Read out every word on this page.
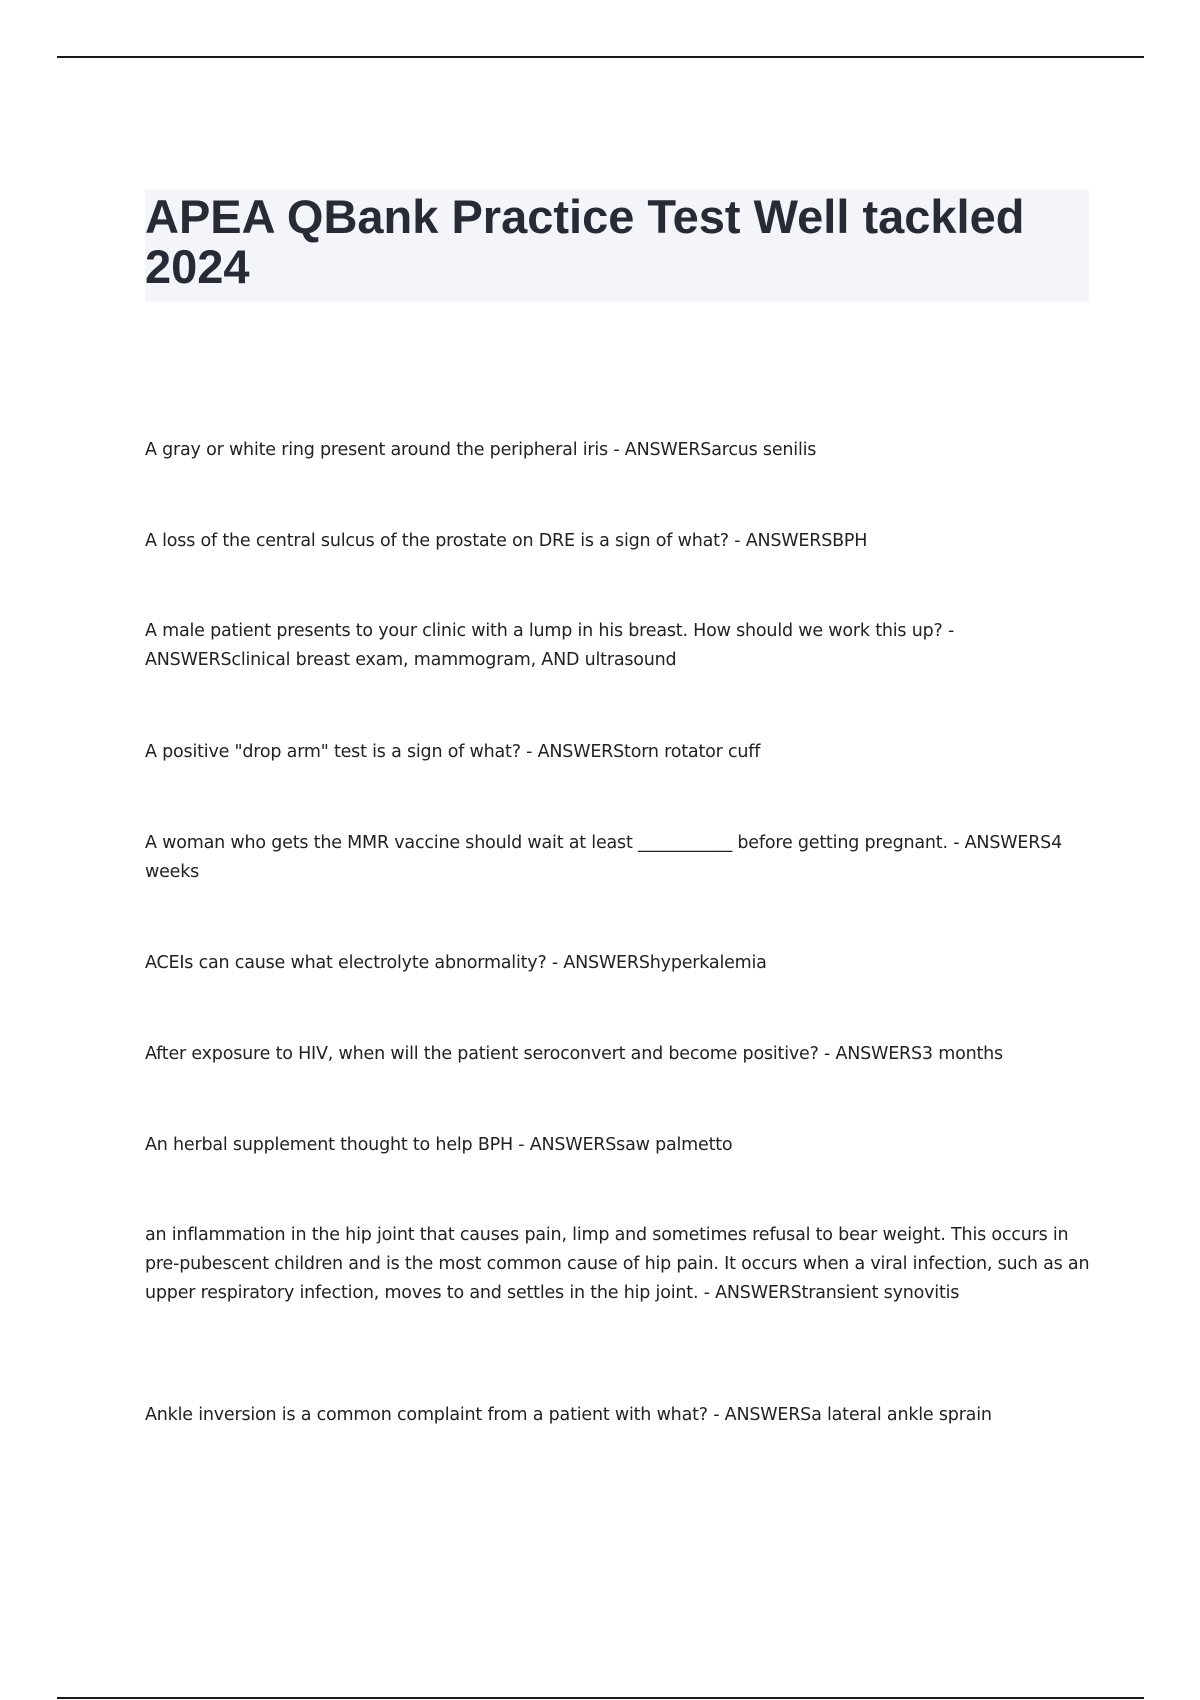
APEA QBank Practice Test Well tackled 2024

A gray or white ring present around the peripheral iris - ANSWERSarcus senilis

A loss of the central sulcus of the prostate on DRE is a sign of what? - ANSWERSBPH

A male patient presents to your clinic with a lump in his breast. How should we work this up? - ANSWERSclinical breast exam, mammogram, AND ultrasound

A positive "drop arm" test is a sign of what? - ANSWERStorn rotator cuff

A woman who gets the MMR vaccine should wait at least ___________ before getting pregnant. - ANSWERS4 weeks

ACEIs can cause what electrolyte abnormality? - ANSWERShyperkalemia

After exposure to HIV, when will the patient seroconvert and become positive? - ANSWERS3 months

An herbal supplement thought to help BPH - ANSWERSsaw palmetto

an inflammation in the hip joint that causes pain, limp and sometimes refusal to bear weight. This occurs in pre-pubescent children and is the most common cause of hip pain. It occurs when a viral infection, such as an upper respiratory infection, moves to and settles in the hip joint. - ANSWERStransient synovitis

Ankle inversion is a common complaint from a patient with what? - ANSWERSa lateral ankle sprain
